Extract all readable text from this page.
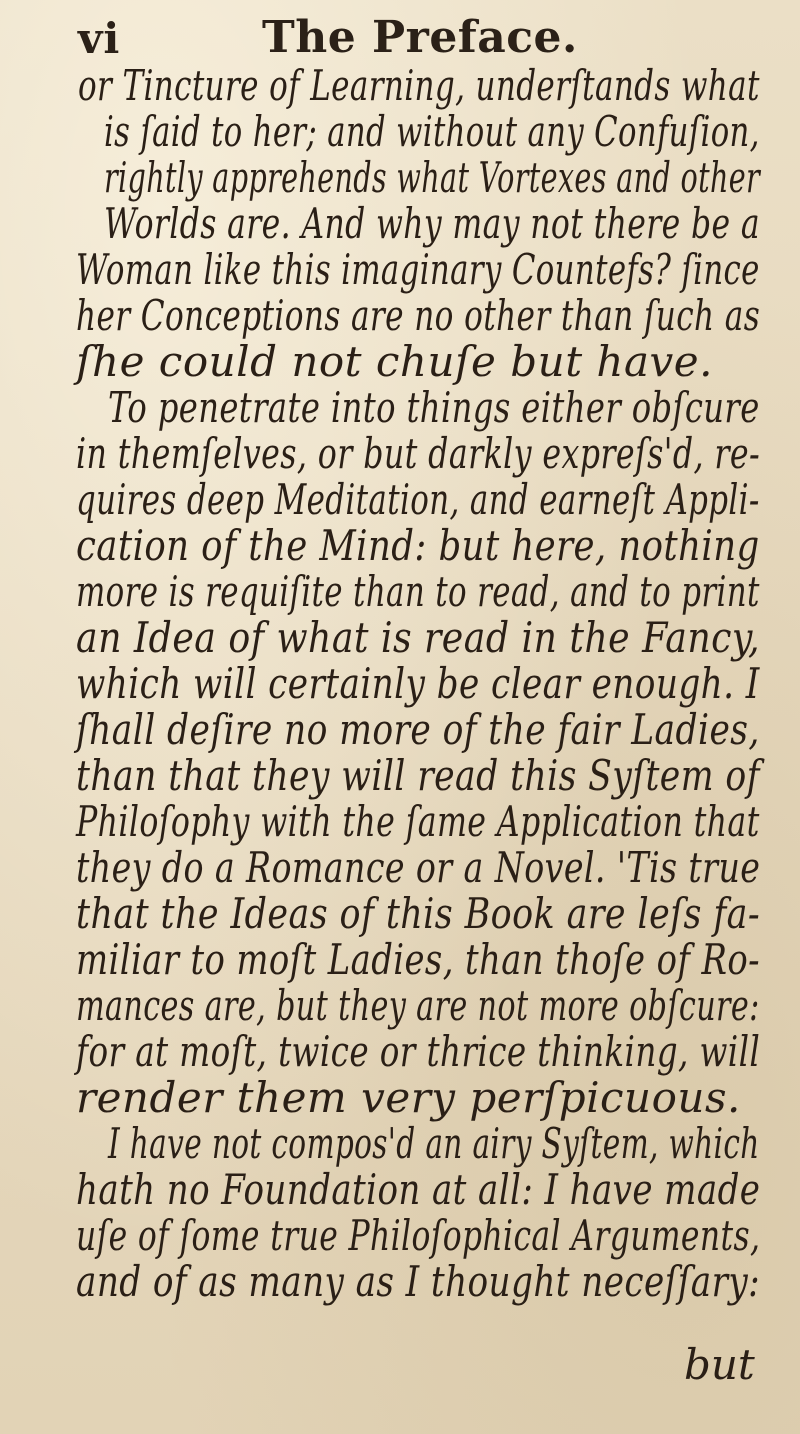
vi	The Preface.
or Tincture of Learning, underſtands what
is ſaid to her; and without any Confuſion,
rightly apprehends what Vortexes and other
Worlds are. And why may not there be a
Woman like this imaginary Countefs? ſince
her Conceptions are no other than ſuch as
ſhe could not chuſe but have.
To penetrate into things either obſcure
in themſelves, or but darkly expreſs'd, re-
quires deep Meditation, and earneſt Appli-
cation of the Mind: but here, nothing
more is requiſite than to read, and to print
an Idea of what is read in the Fancy,
which will certainly be clear enough. I
ſhall deſire no more of the fair Ladies,
than that they will read this Syſtem of
Philoſophy with the ſame Application that
they do a Romance or a Novel. 'Tis true
that the Ideas of this Book are leſs fa-
miliar to moſt Ladies, than thoſe of Ro-
mances are, but they are not more obſcure:
for at moſt, twice or thrice thinking, will
render them very perſpicuous.
I have not compos'd an airy Syſtem, which
hath no Foundation at all: I have made
uſe of ſome true Philoſophical Arguments,
and of as many as I thought neceſſary:
but
